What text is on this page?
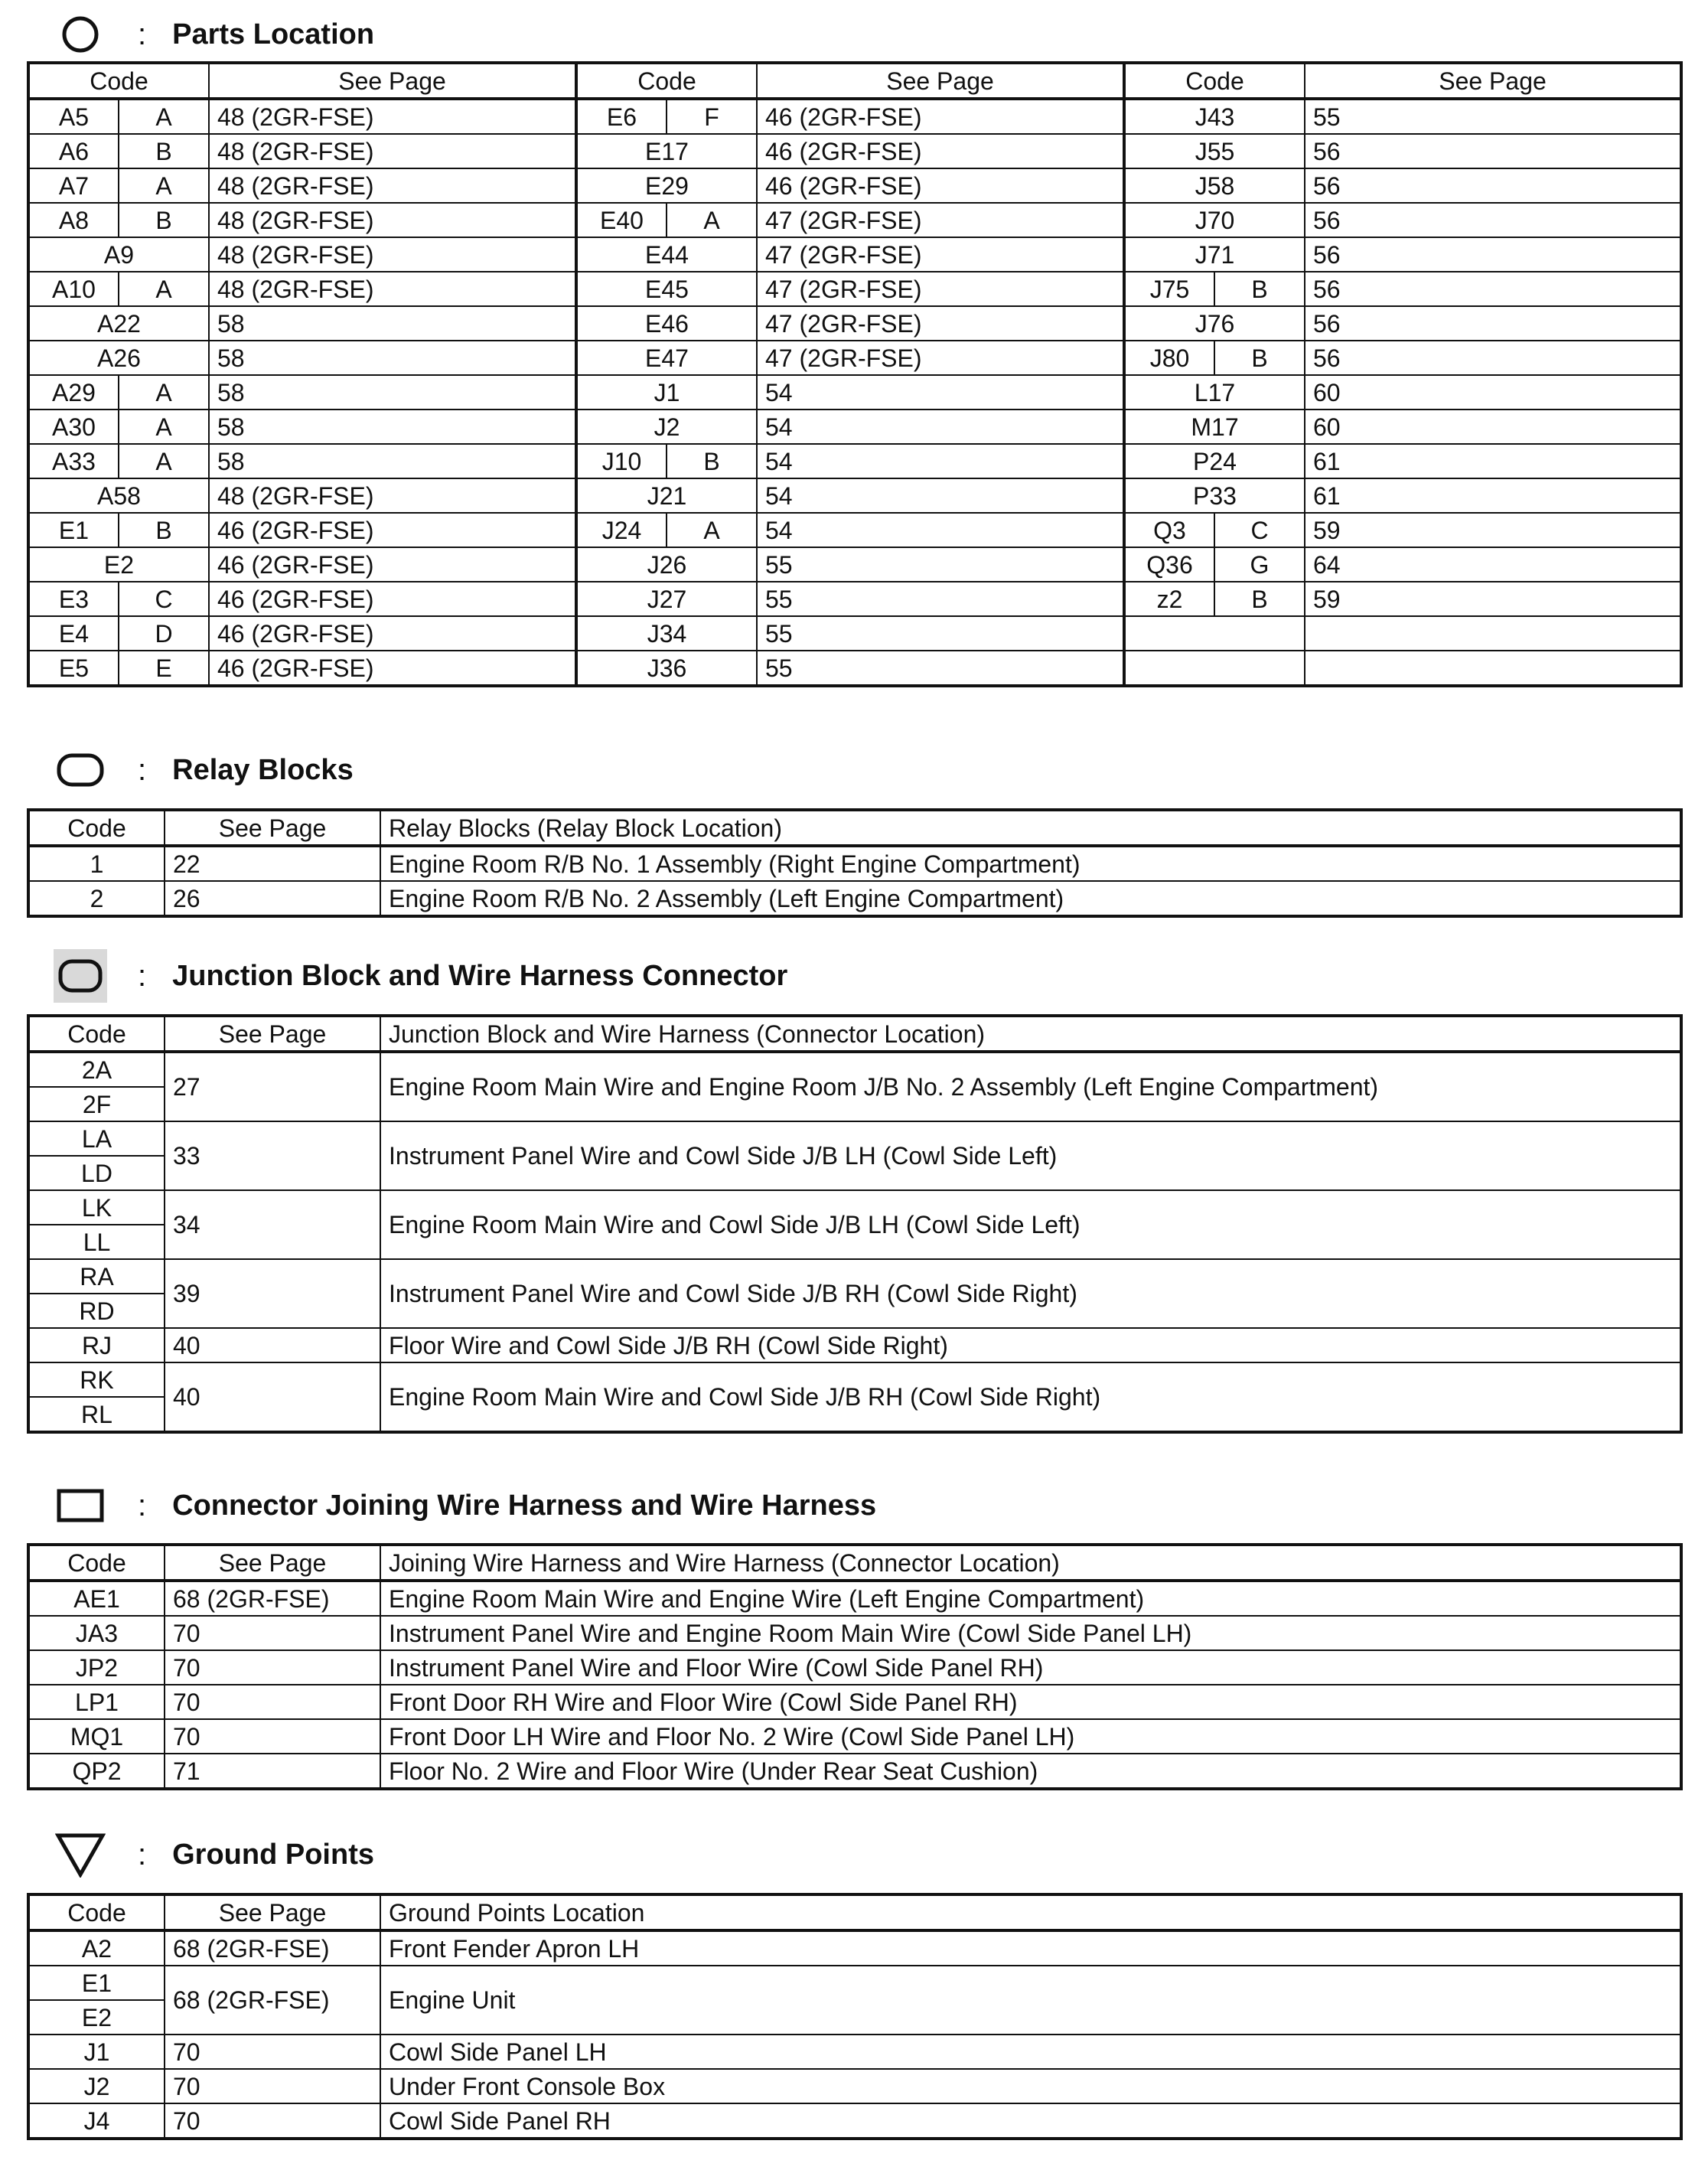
: Parts Location
Code		See Page	Code		See Page	Code		See Page
A5	A	48 (2GR-FSE)	E6	F	46 (2GR-FSE)	J43		55
A6	B	48 (2GR-FSE)	E17		46 (2GR-FSE)	J55		56
A7	A	48 (2GR-FSE)	E29		46 (2GR-FSE)	J58		56
A8	B	48 (2GR-FSE)	E40	A	47 (2GR-FSE)	J70		56
A9		48 (2GR-FSE)	E44		47 (2GR-FSE)	J71		56
A10	A	48 (2GR-FSE)	E45		47 (2GR-FSE)	J75	B	56
A22		58	E46		47 (2GR-FSE)	J76		56
A26		58	E47		47 (2GR-FSE)	J80	B	56
A29	A	58	J1		54	L17		60
A30	A	58	J2		54	M17		60
A33	A	58	J10	B	54	P24		61
A58		48 (2GR-FSE)	J21		54	P33		61
E1	B	46 (2GR-FSE)	J24	A	54	Q3	C	59
E2		46 (2GR-FSE)	J26		55	Q36	G	64
E3	C	46 (2GR-FSE)	J27		55	z2	B	59
E4	D	46 (2GR-FSE)	J34		55			
E5	E	46 (2GR-FSE)	J36		55			
: Relay Blocks
Code	See Page	Relay Blocks (Relay Block Location)
1	22	Engine Room R/B No. 1 Assembly (Right Engine Compartment)
2	26	Engine Room R/B No. 2 Assembly (Left Engine Compartment)
: Junction Block and Wire Harness Connector
Code	See Page	Junction Block and Wire Harness (Connector Location)
2A	27	Engine Room Main Wire and Engine Room J/B No. 2 Assembly (Left Engine Compartment)
2F		
LA	33	Instrument Panel Wire and Cowl Side J/B LH (Cowl Side Left)
LD		
LK	34	Engine Room Main Wire and Cowl Side J/B LH (Cowl Side Left)
LL		
RA	39	Instrument Panel Wire and Cowl Side J/B RH (Cowl Side Right)
RD		
RJ	40	Floor Wire and Cowl Side J/B RH (Cowl Side Right)
RK	40	Engine Room Main Wire and Cowl Side J/B RH (Cowl Side Right)
RL		
: Connector Joining Wire Harness and Wire Harness
Code	See Page	Joining Wire Harness and Wire Harness (Connector Location)
AE1	68 (2GR-FSE)	Engine Room Main Wire and Engine Wire (Left Engine Compartment)
JA3	70	Instrument Panel Wire and Engine Room Main Wire (Cowl Side Panel LH)
JP2	70	Instrument Panel Wire and Floor Wire (Cowl Side Panel RH)
LP1	70	Front Door RH Wire and Floor Wire (Cowl Side Panel RH)
MQ1	70	Front Door LH Wire and Floor No. 2 Wire (Cowl Side Panel LH)
QP2	71	Floor No. 2 Wire and Floor Wire (Under Rear Seat Cushion)
: Ground Points
Code	See Page	Ground Points Location
A2	68 (2GR-FSE)	Front Fender Apron LH
E1	68 (2GR-FSE)	Engine Unit
E2		
J1	70	Cowl Side Panel LH
J2	70	Under Front Console Box
J4	70	Cowl Side Panel RH
